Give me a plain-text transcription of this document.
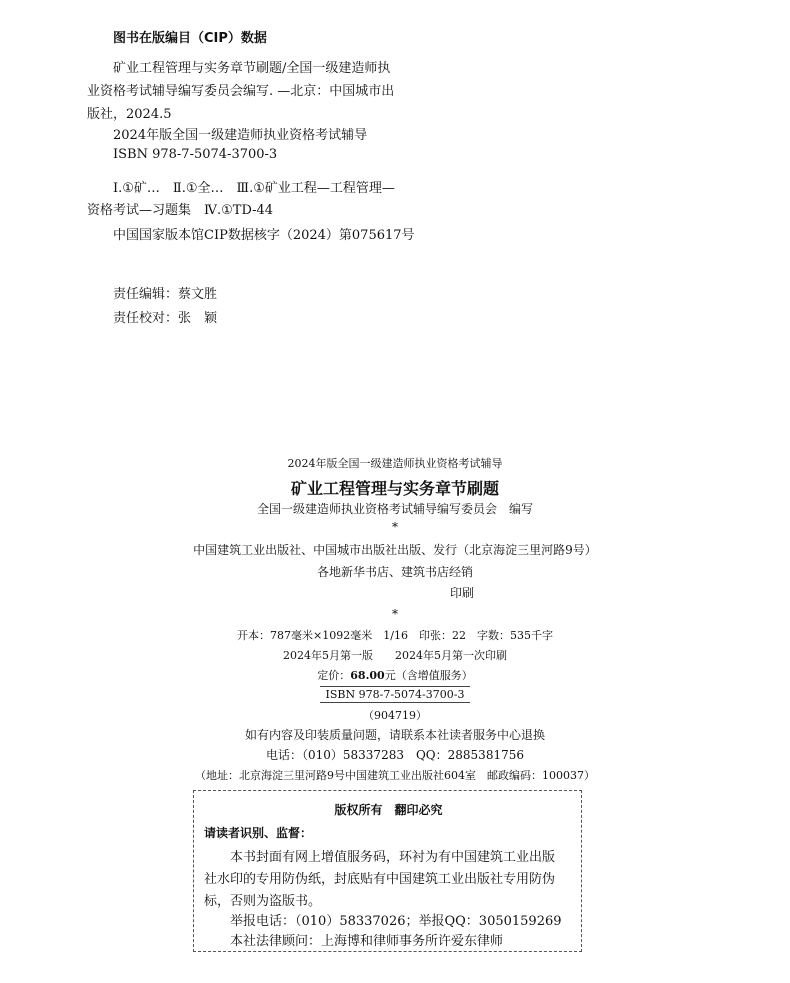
图书在版编目（CIP）数据
矿业工程管理与实务章节刷题/全国一级建造师执
业资格考试辅导编写委员会编写. —北京：中国城市出
版社，2024.5
2024年版全国一级建造师执业资格考试辅导
ISBN 978-7-5074-3700-3
Ⅰ.①矿…　Ⅱ.①全…　Ⅲ.①矿业工程—工程管理—
资格考试—习题集　Ⅳ.①TD-44
中国国家版本馆CIP数据核字（2024）第075617号
责任编辑：蔡文胜
责任校对：张　颖
2024年版全国一级建造师执业资格考试辅导
矿业工程管理与实务章节刷题
全国一级建造师执业资格考试辅导编写委员会　编写
*
中国建筑工业出版社、中国城市出版社出版、发行（北京海淀三里河路9号）
各地新华书店、建筑书店经销
印刷
*
开本：787毫米×1092毫米　1/16　印张：22　字数：535千字
2024年5月第一版　　2024年5月第一次印刷
定价：68.00元（含增值服务）
ISBN 978-7-5074-3700-3
（904719）
如有内容及印装质量问题，请联系本社读者服务中心退换
电话：（010）58337283　QQ：2885381756
（地址：北京海淀三里河路9号中国建筑工业出版社604室　邮政编码：100037）
版权所有　翻印必究
请读者识别、监督：
本书封面有网上增值服务码，环衬为有中国建筑工业出版
社水印的专用防伪纸，封底贴有中国建筑工业出版社专用防伪
标，否则为盗版书。
举报电话：（010）58337026；举报QQ：3050159269
本社法律顾问：上海博和律师事务所许爱东律师
